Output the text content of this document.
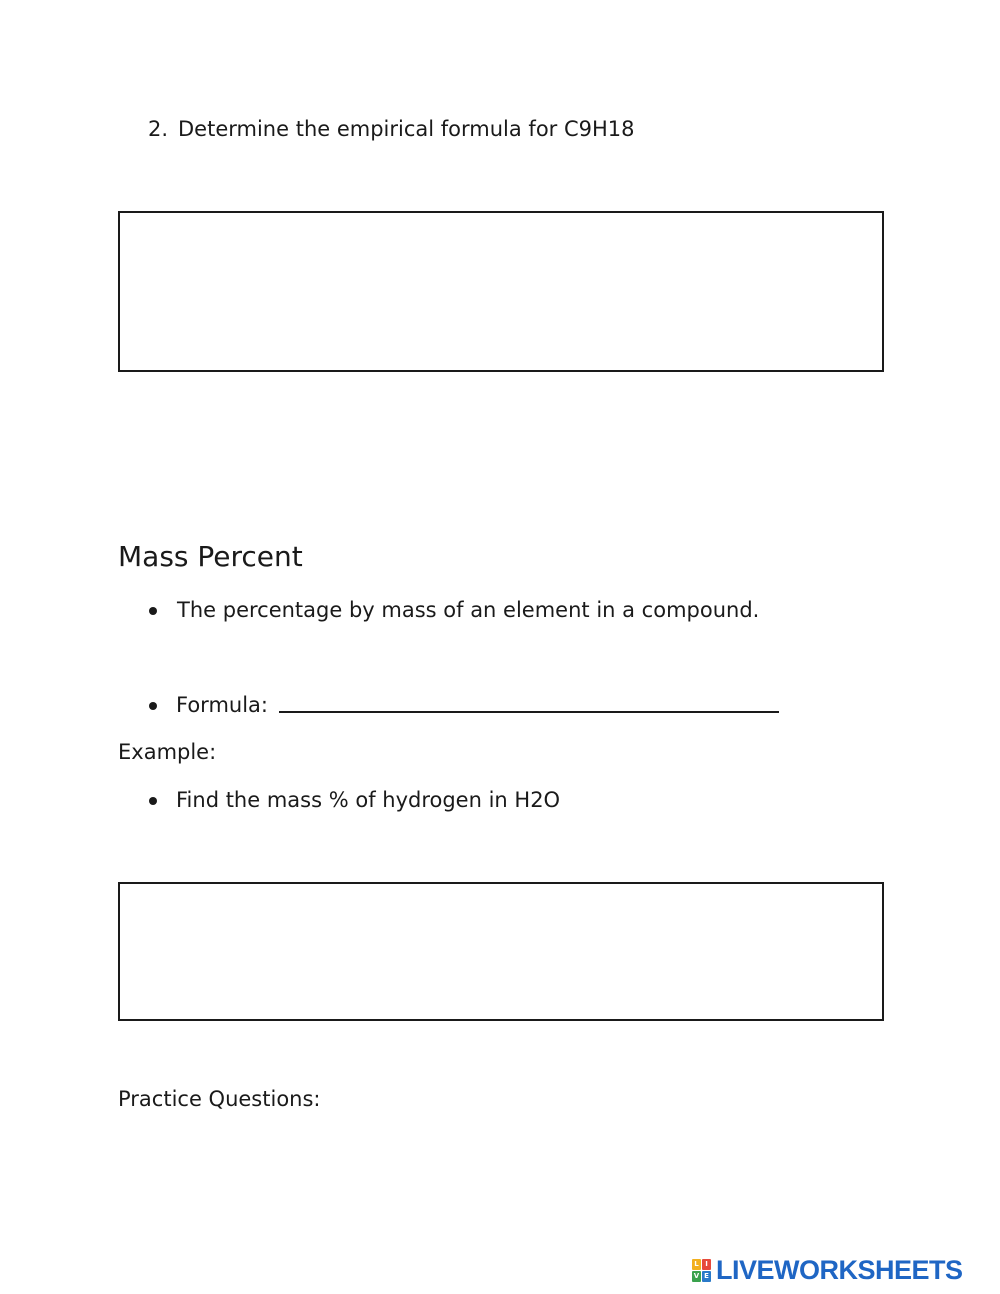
2. Determine the empirical formula for C9H18
Mass Percent
The percentage by mass of an element in a compound.
Formula:
Example:
Find the mass % of hydrogen in H2O
Practice Questions:
L I
V E LIVEWORKSHEETS
